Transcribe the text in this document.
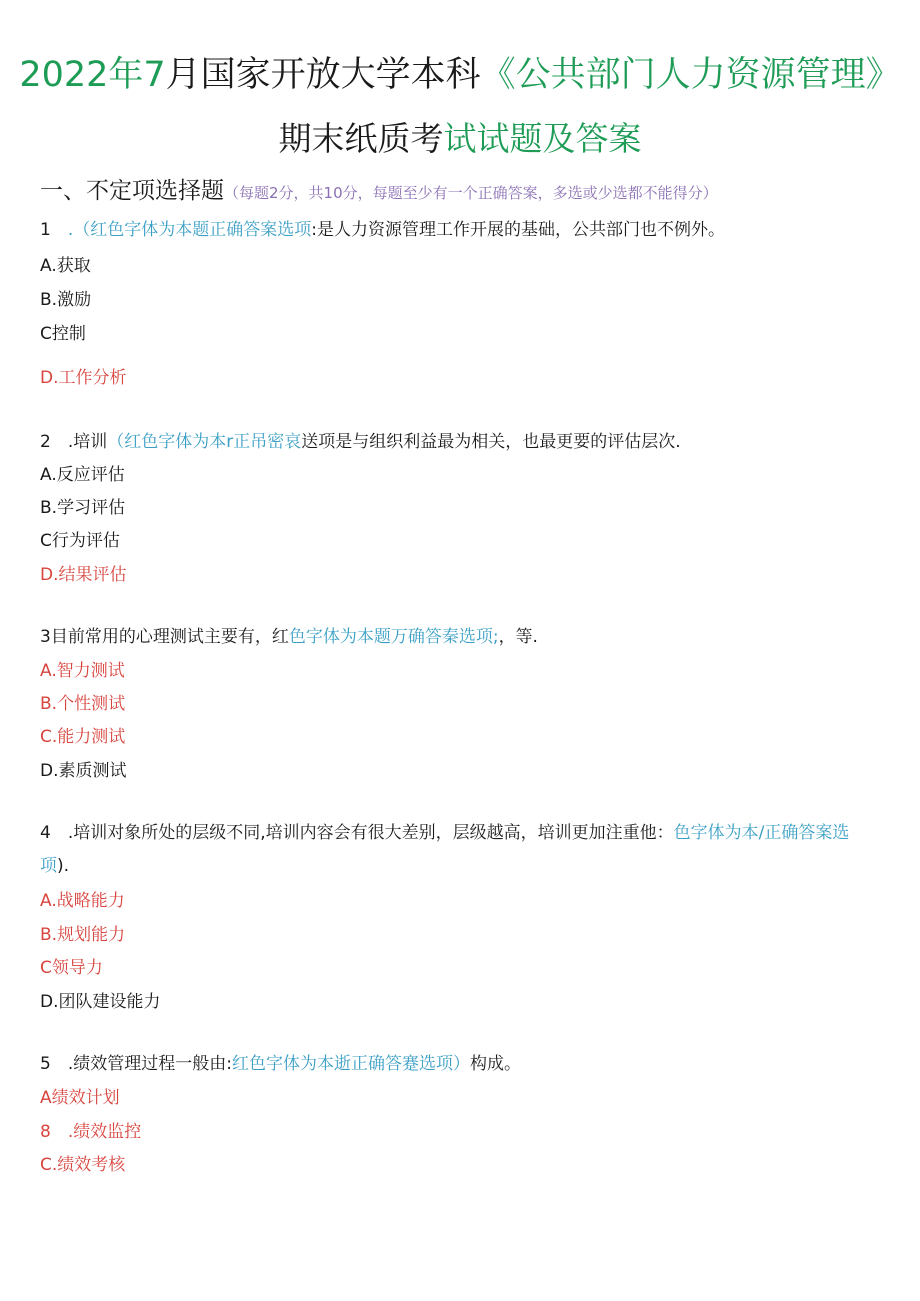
2022年7月国家开放大学本科《公共部门人力资源管理》
期末纸质考试试题及答案
一、不定项选择题（每题2分，共10分，每题至少有一个正确答案，多选或少选都不能得分）
1　 .（红色字体为本题正确答案选项:是人力资源管理工作开展的基础，公共部门也不例外。
A.获取
B.激励
C控制
D.工作分析
2　 .培训（红色字体为本r正吊密哀送项是与组织利益最为相关，也最更要的评估层次.
A.反应评估
B.学习评估
C行为评估
D.结果评估
3目前常用的心理测试主要有，红色字体为本题万确答秦选项;，等.
A.智力测试
B.个性测试
C.能力测试
D.素质测试
4　 .培训对象所处的层级不同,培训内容会有很大差别，层级越高，培训更加注重他：色字体为本/正确答案选
项).
A.战略能力
B.规划能力
C领导力
D.团队建设能力
5　 .绩效管理过程一般由:红色字体为本逝正确答蹇选项）构成。
A绩效计划
8　 .绩效监控
C.绩效考核
